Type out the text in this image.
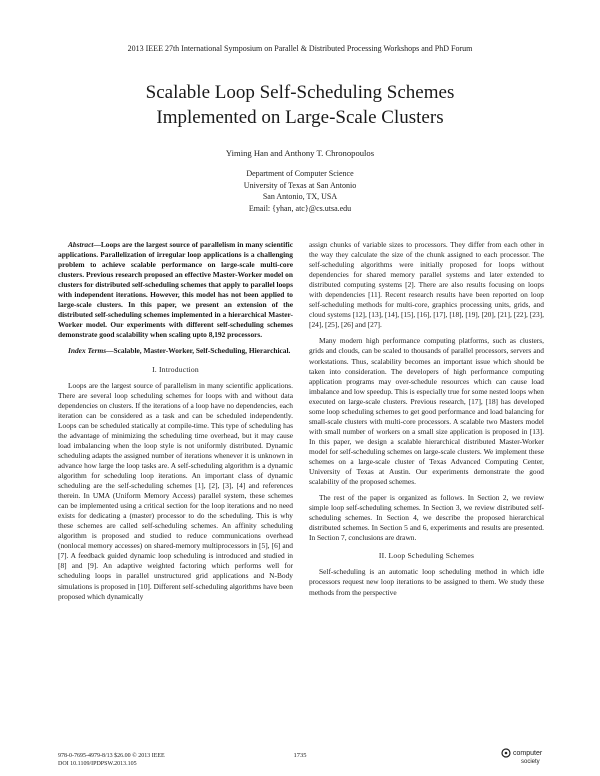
2013 IEEE 27th International Symposium on Parallel & Distributed Processing Workshops and PhD Forum
Scalable Loop Self-Scheduling Schemes
Implemented on Large-Scale Clusters
Yiming Han and Anthony T. Chronopoulos
Department of Computer Science
University of Texas at San Antonio
San Antonio, TX, USA
Email: {yhan, atc}@cs.utsa.edu

Abstract—Loops are the largest source of parallelism in many scientific applications. Parallelization of irregular loop applications is a challenging problem to achieve scalable performance on large-scale multi-core clusters. Previous research proposed an effective Master-Worker model on clusters for distributed self-scheduling schemes that apply to parallel loops with independent iterations. However, this model has not been applied to large-scale clusters. In this paper, we present an extension of the distributed self-scheduling schemes implemented in a hierarchical Master-Worker model. Our experiments with different self-scheduling schemes demonstrate good scalability when scaling upto 8,192 processors.

Index Terms—Scalable, Master-Worker, Self-Scheduling, Hierarchical.

I. Introduction

Loops are the largest source of parallelism in many scientific applications. There are several loop scheduling schemes for loops with and without data dependencies on clusters. If the iterations of a loop have no dependencies, each iteration can be considered as a task and can be scheduled independently. Loops can be scheduled statically at compile-time. This type of scheduling has the advantage of minimizing the scheduling time overhead, but it may cause load imbalancing when the loop style is not uniformly distributed. Dynamic scheduling adapts the assigned number of iterations whenever it is unknown in advance how large the loop tasks are. A self-scheduling algorithm is a dynamic algorithm for scheduling loop iterations. An important class of dynamic scheduling are the self-scheduling schemes [1], [2], [3], [4] and references therein. In UMA (Uniform Memory Access) parallel system, these schemes can be implemented using a critical section for the loop iterations and no need exists for dedicating a (master) processor to do the scheduling. This is why these schemes are called self-scheduling schemes. An affinity scheduling algorithm is proposed and studied to reduce communications overhead (nonlocal memory accesses) on shared-memory multiprocessors in [5], [6] and [7]. A feedback guided dynamic loop scheduling is introduced and studied in [8] and [9]. An adaptive weighted factoring which performs well for scheduling loops in parallel unstructured grid applications and N-Body simulations is proposed in [10]. Different self-scheduling algorithms have been proposed which dynamically

assign chunks of variable sizes to processors. They differ from each other in the way they calculate the size of the chunk assigned to each processor. The self-scheduling algorithms were initially proposed for loops without dependencies for shared memory parallel systems and later extended to distributed computing systems [2]. There are also results focusing on loops with dependencies [11]. Recent research results have been reported on loop self-scheduling methods for multi-core, graphics processing units, grids, and cloud systems [12], [13], [14], [15], [16], [17], [18], [19], [20], [21], [22], [23], [24], [25], [26] and [27].

Many modern high performance computing platforms, such as clusters, grids and clouds, can be scaled to thousands of parallel processors, servers and workstations. Thus, scalability becomes an important issue which should be taken into consideration. The developers of high performance computing application programs may over-schedule resources which can cause load imbalance and low speedup. This is especially true for some nested loops when executed on large-scale clusters. Previous research, [17], [18] has developed some loop scheduling schemes to get good performance and load balancing for small-scale clusters with multi-core processors. A scalable two Masters model with small number of workers on a small size application is proposed in [13]. In this paper, we design a scalable hierarchical distributed Master-Worker model for self-scheduling schemes on large-scale clusters. We implement these schemes on a large-scale cluster of Texas Advanced Computing Center, University of Texas at Austin. Our experiments demonstrate the good scalability of the proposed schemes.

The rest of the paper is organized as follows. In Section 2, we review simple loop self-scheduling schemes. In Section 3, we review distributed self-scheduling schemes. In Section 4, we describe the proposed hierarchical distributed schemes. In Section 5 and 6, experiments and results are presented. In Section 7, conclusions are drawn.

II. Loop Scheduling Schemes

Self-scheduling is an automatic loop scheduling method in which idle processors request new loop iterations to be assigned to them. We study these methods from the perspective

978-0-7695-4979-8/13 $26.00 © 2013 IEEE
DOI 10.1109/IPDPSW.2013.105
1735	computer
society
